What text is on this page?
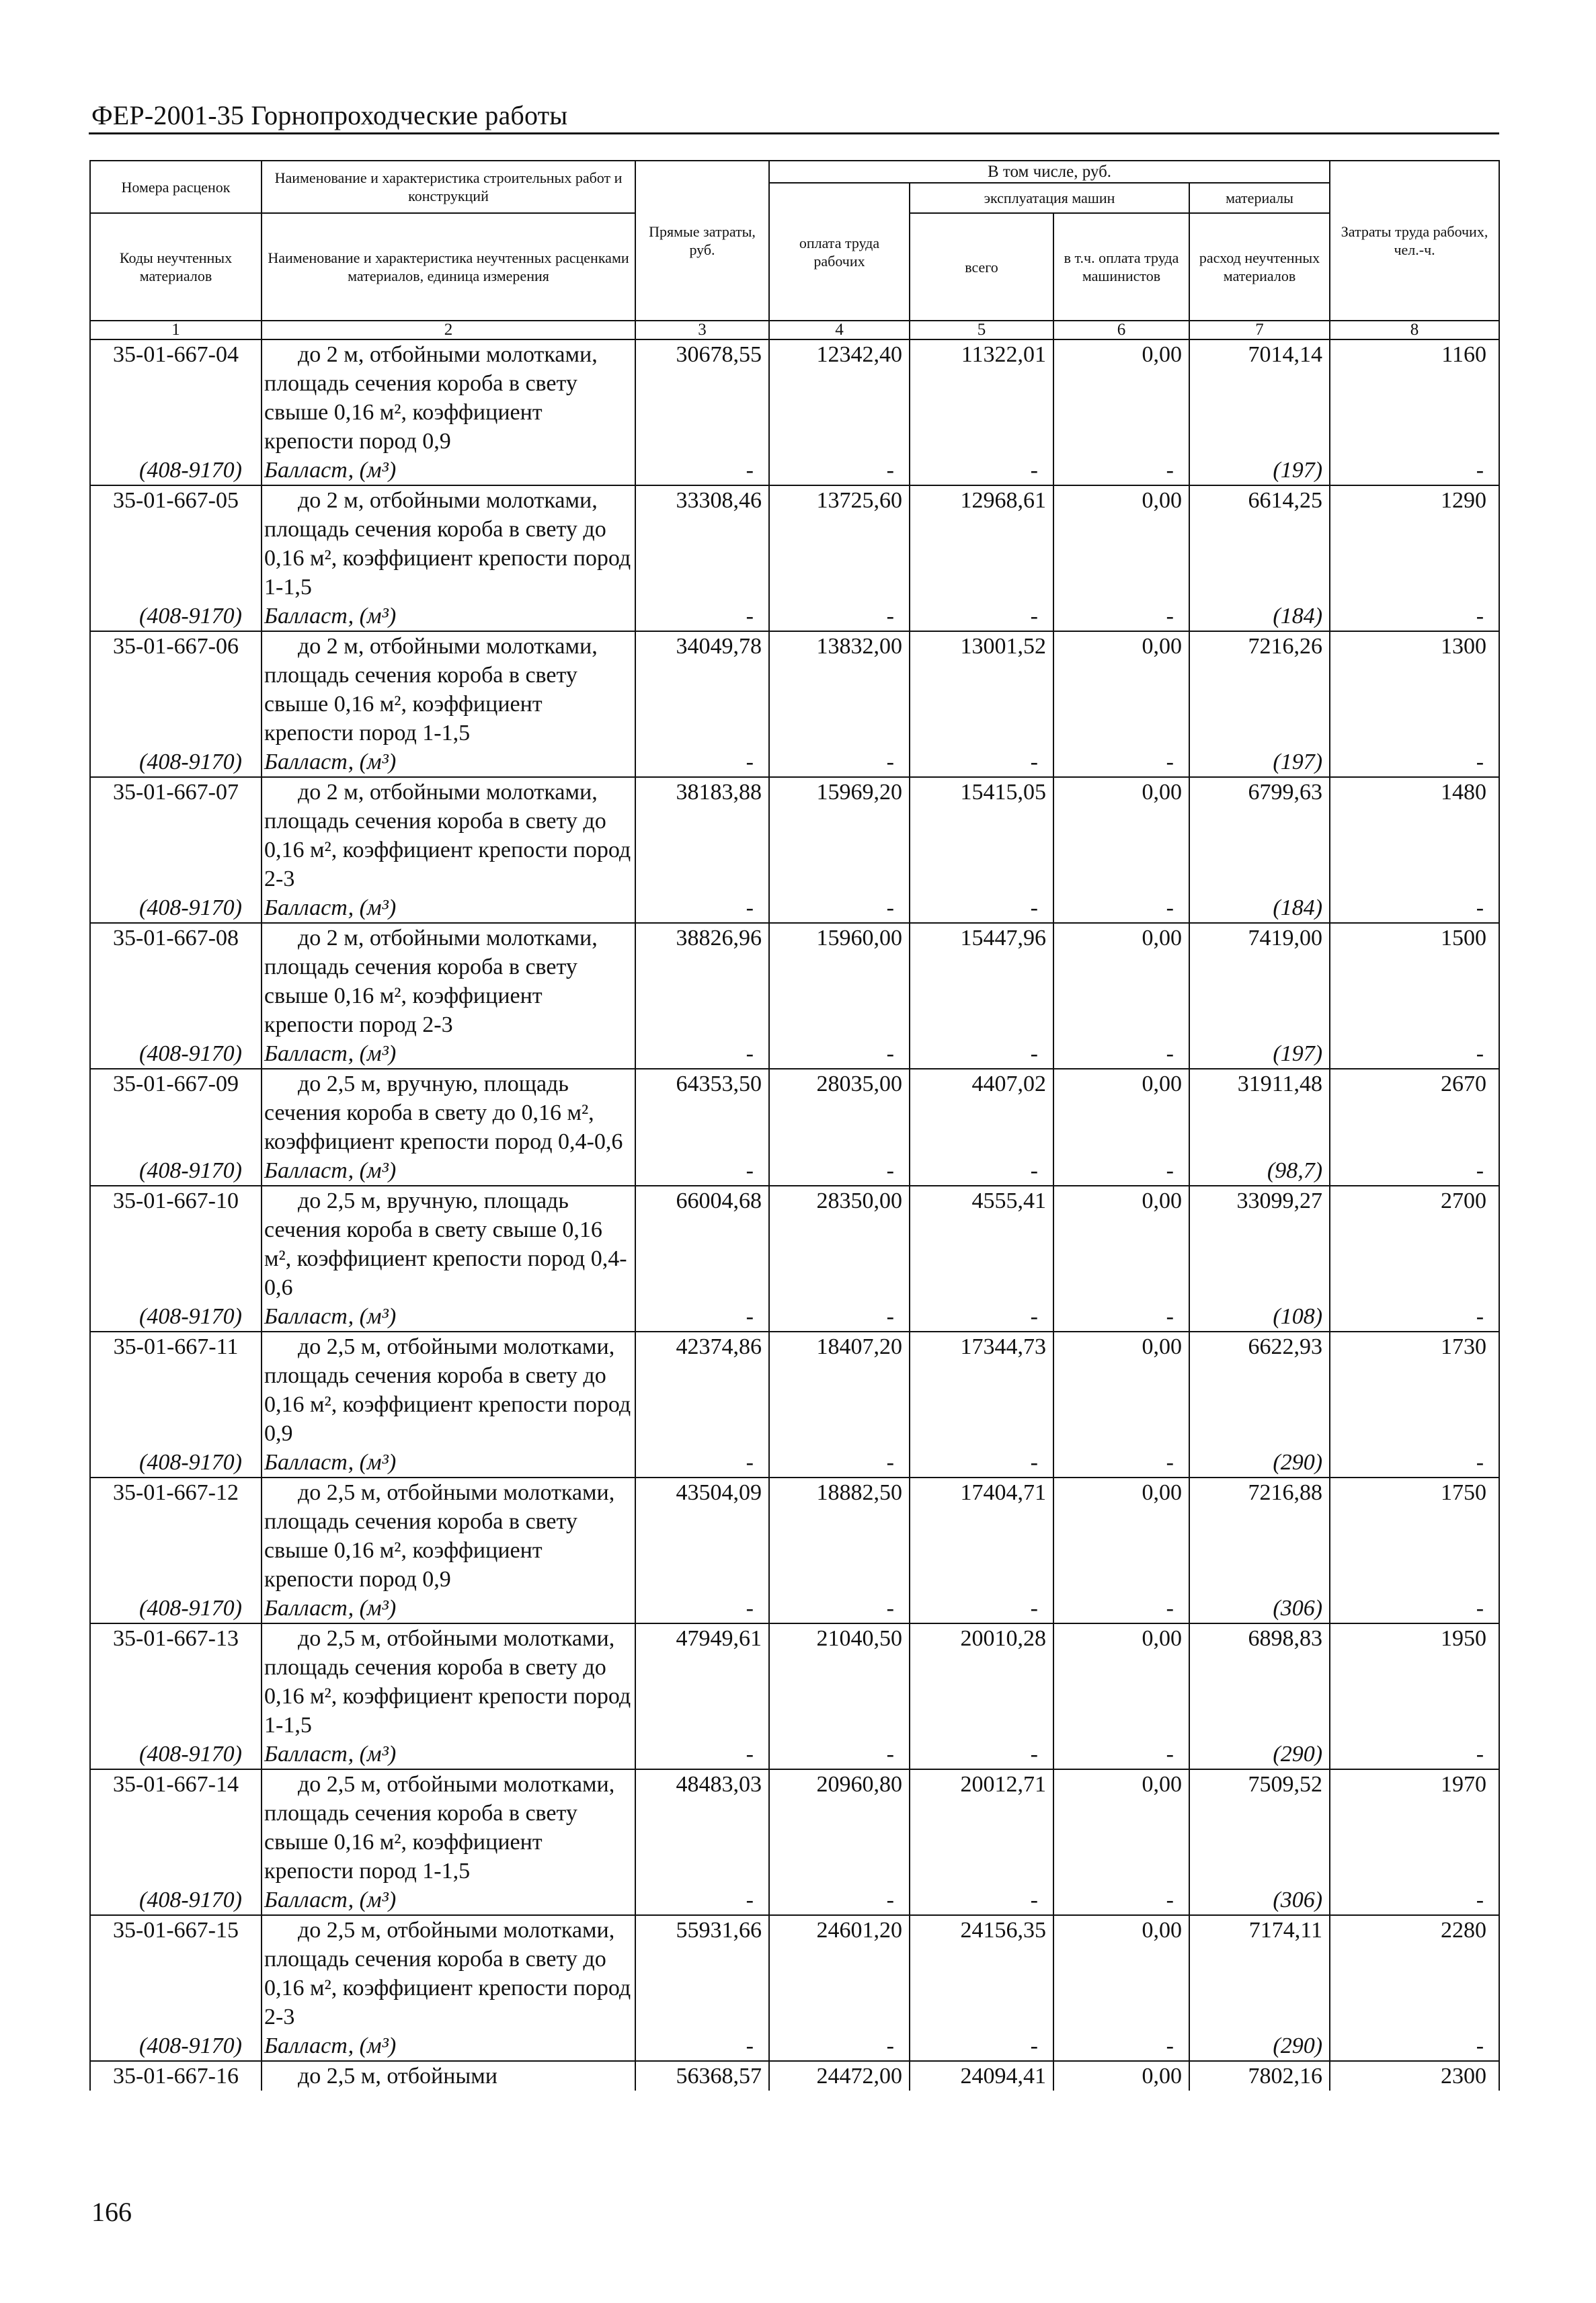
ФЕР-2001-35 Горнопроходческие работы
Номера расценок	Наименование и характеристика строительных работ и конструкций	Прямые затраты, руб.	В том числе, руб.				Затраты труда рабочих, чел.-ч.
			оплата труда рабочих	эксплуатация машин		материалы	
Коды неучтенных материалов	Наименование и характеристика неучтенных расценками материалов, единица измерения			всего	в т.ч. оплата труда машинистов	расход неучтенных материалов	

1	2	3	4	5	6	7	8
35-01-667-04	до 2 м, отбойными молотками, площадь сечения короба в свету свыше 0,16 м², коэффициент крепости пород 0,9	30678,55	12342,40	11322,01	0,00	7014,14	1160
(408-9170)	Балласт, (м³)	-	-	-	-	(197)	-
35-01-667-05	до 2 м, отбойными молотками, площадь сечения короба в свету до 0,16 м², коэффициент крепости пород 1-1,5	33308,46	13725,60	12968,61	0,00	6614,25	1290
(408-9170)	Балласт, (м³)	-	-	-	-	(184)	-
35-01-667-06	до 2 м, отбойными молотками, площадь сечения короба в свету свыше 0,16 м², коэффициент крепости пород 1-1,5	34049,78	13832,00	13001,52	0,00	7216,26	1300
(408-9170)	Балласт, (м³)	-	-	-	-	(197)	-
35-01-667-07	до 2 м, отбойными молотками, площадь сечения короба в свету до 0,16 м², коэффициент крепости пород 2-3	38183,88	15969,20	15415,05	0,00	6799,63	1480
(408-9170)	Балласт, (м³)	-	-	-	-	(184)	-
35-01-667-08	до 2 м, отбойными молотками, площадь сечения короба в свету свыше 0,16 м², коэффициент крепости пород 2-3	38826,96	15960,00	15447,96	0,00	7419,00	1500
(408-9170)	Балласт, (м³)	-	-	-	-	(197)	-
35-01-667-09	до 2,5 м, вручную, площадь сечения короба в свету до 0,16 м², коэффициент крепости пород 0,4-0,6	64353,50	28035,00	4407,02	0,00	31911,48	2670
(408-9170)	Балласт, (м³)	-	-	-	-	(98,7)	-
35-01-667-10	до 2,5 м, вручную, площадь сечения короба в свету свыше 0,16 м², коэффициент крепости пород 0,4-0,6	66004,68	28350,00	4555,41	0,00	33099,27	2700
(408-9170)	Балласт, (м³)	-	-	-	-	(108)	-
35-01-667-11	до 2,5 м, отбойными молотками, площадь сечения короба в свету до 0,16 м², коэффициент крепости пород 0,9	42374,86	18407,20	17344,73	0,00	6622,93	1730
(408-9170)	Балласт, (м³)	-	-	-	-	(290)	-
35-01-667-12	до 2,5 м, отбойными молотками, площадь сечения короба в свету свыше 0,16 м², коэффициент крепости пород 0,9	43504,09	18882,50	17404,71	0,00	7216,88	1750
(408-9170)	Балласт, (м³)	-	-	-	-	(306)	-
35-01-667-13	до 2,5 м, отбойными молотками, площадь сечения короба в свету до 0,16 м², коэффициент крепости пород 1-1,5	47949,61	21040,50	20010,28	0,00	6898,83	1950
(408-9170)	Балласт, (м³)	-	-	-	-	(290)	-
35-01-667-14	до 2,5 м, отбойными молотками, площадь сечения короба в свету свыше 0,16 м², коэффициент крепости пород 1-1,5	48483,03	20960,80	20012,71	0,00	7509,52	1970
(408-9170)	Балласт, (м³)	-	-	-	-	(306)	-
35-01-667-15	до 2,5 м, отбойными молотками, площадь сечения короба в свету до 0,16 м², коэффициент крепости пород 2-3	55931,66	24601,20	24156,35	0,00	7174,11	2280
(408-9170)	Балласт, (м³)	-	-	-	-	(290)	-
35-01-667-16	до 2,5 м, отбойными	56368,57	24472,00	24094,41	0,00	7802,16	2300
166
